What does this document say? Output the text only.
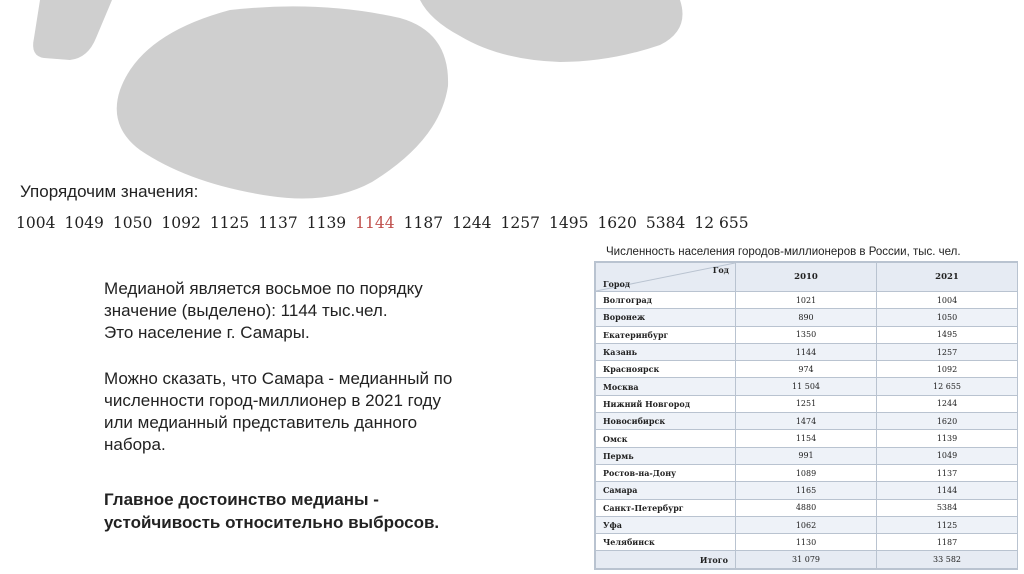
Упорядочим значения:
1004 1049 1050 1092 1125 1137 1139 1144 1187 1244 1257 1495 1620 5384 12 655
Медианой является восьмое по порядку
значение (выделено): 1144 тыс.чел.
Это население г. Самары.
Можно сказать, что Самара - медианный по
численности город-миллионер в 2021 году
или медианный представитель данного
набора.
Главное достоинство медианы -
устойчивость относительно выбросов.
Численность населения городов-миллионеров в России, тыс. чел.
Год
Город	2010	2021
Волгоград	1021	1004
Воронеж	890	1050
Екатеринбург	1350	1495
Казань	1144	1257
Красноярск	974	1092
Москва	11 504	12 655
Нижний Новгород	1251	1244
Новосибирск	1474	1620
Омск	1154	1139
Пермь	991	1049
Ростов-на-Дону	1089	1137
Самара	1165	1144
Санкт-Петербург	4880	5384
Уфа	1062	1125
Челябинск	1130	1187
Итого	31 079	33 582
